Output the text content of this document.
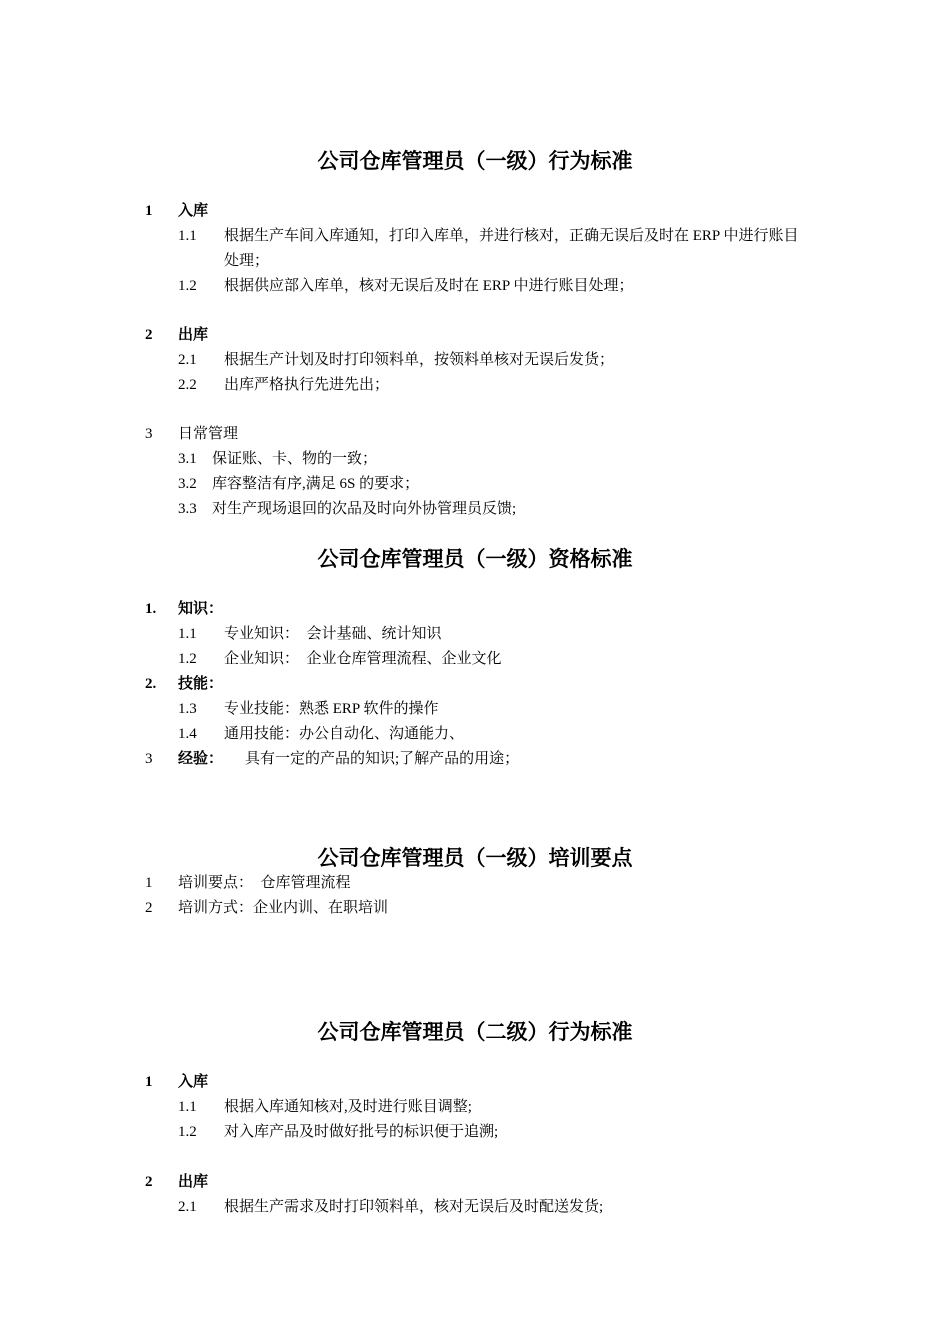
公司仓库管理员（一级）行为标准
1 入库
1.1 根据生产车间入库通知，打印入库单，并进行核对，正确无误后及时在 ERP 中进行账目处理；
1.2 根据供应部入库单，核对无误后及时在 ERP 中进行账目处理；
2 出库
2.1 根据生产计划及时打印领料单，按领料单核对无误后发货；
2.2 出库严格执行先进先出；
3 日常管理
3.1 保证账、卡、物的一致；
3.2 库容整洁有序,满足 6S 的要求；
3.3 对生产现场退回的次品及时向外协管理员反馈;
公司仓库管理员（一级）资格标准
1. 知识：
1.1 专业知识：  会计基础、统计知识
1.2 企业知识：  企业仓库管理流程、企业文化
2. 技能：
1.3 专业技能：熟悉 ERP 软件的操作
1.4 通用技能：办公自动化、沟通能力、
3 经验： 具有一定的产品的知识;了解产品的用途；
公司仓库管理员（一级）培训要点
1 培训要点：  仓库管理流程
2 培训方式：企业内训、在职培训
公司仓库管理员（二级）行为标准
1 入库
1.1 根据入库通知核对,及时进行账目调整;
1.2 对入库产品及时做好批号的标识便于追溯;
2 出库
2.1 根据生产需求及时打印领料单，核对无误后及时配送发货;
